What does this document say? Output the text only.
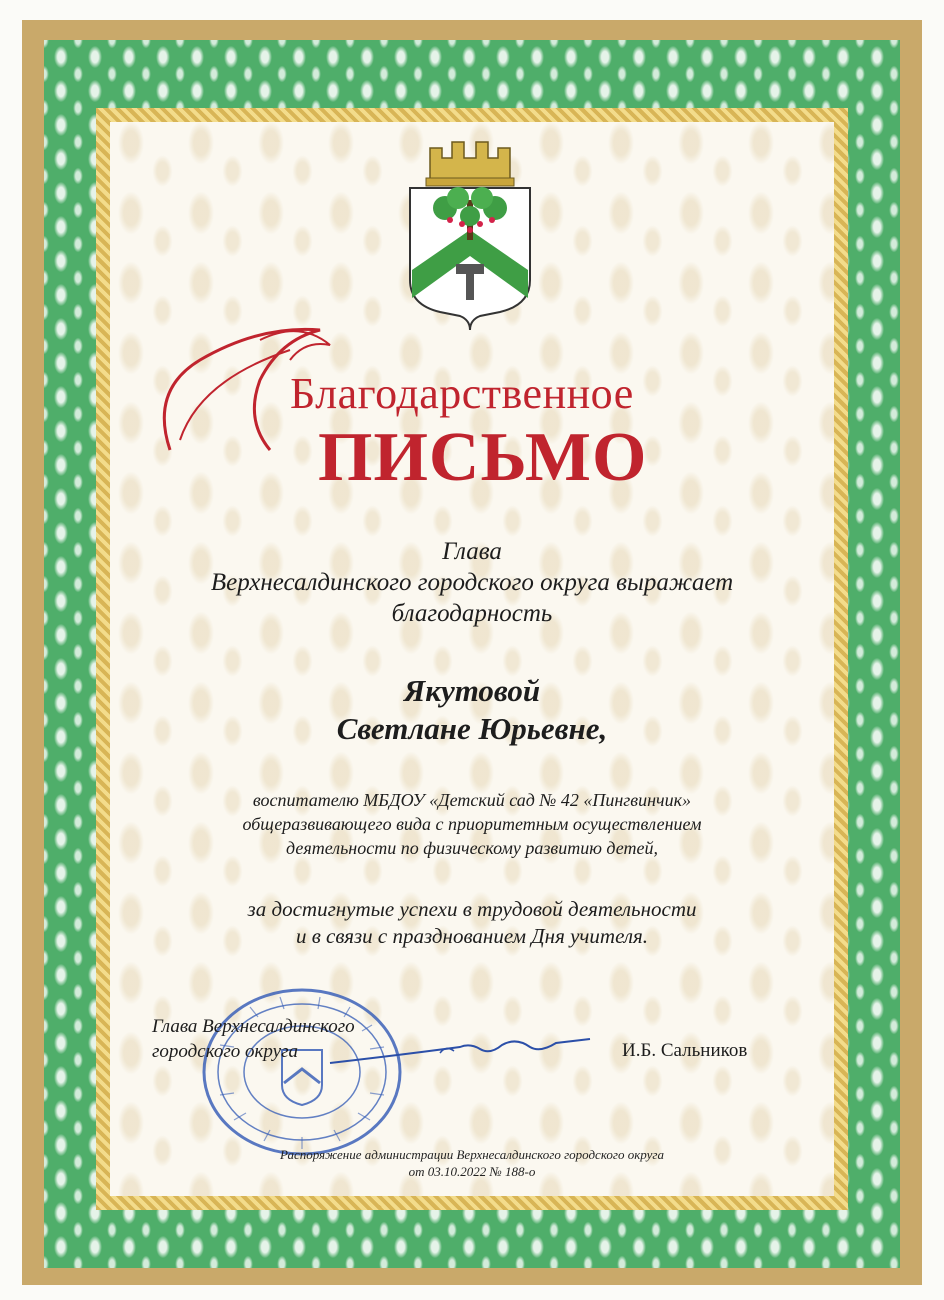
Благодарственное
ПИСЬМО
Глава
Верхнесалдинского городского округа выражает
благодарность
Якутовой
Светлане Юрьевне,
воспитателю МБДОУ «Детский сад № 42 «Пингвинчик»
общеразвивающего вида с приоритетным осуществлением
деятельности по физическому развитию детей,
за достигнутые успехи в трудовой деятельности
и в связи с празднованием Дня учителя.
Глава Верхнесалдинского
городского округа	И.Б. Сальников
Распоряжение администрации Верхнесалдинского городского округа
от 03.10.2022 № 188-о
